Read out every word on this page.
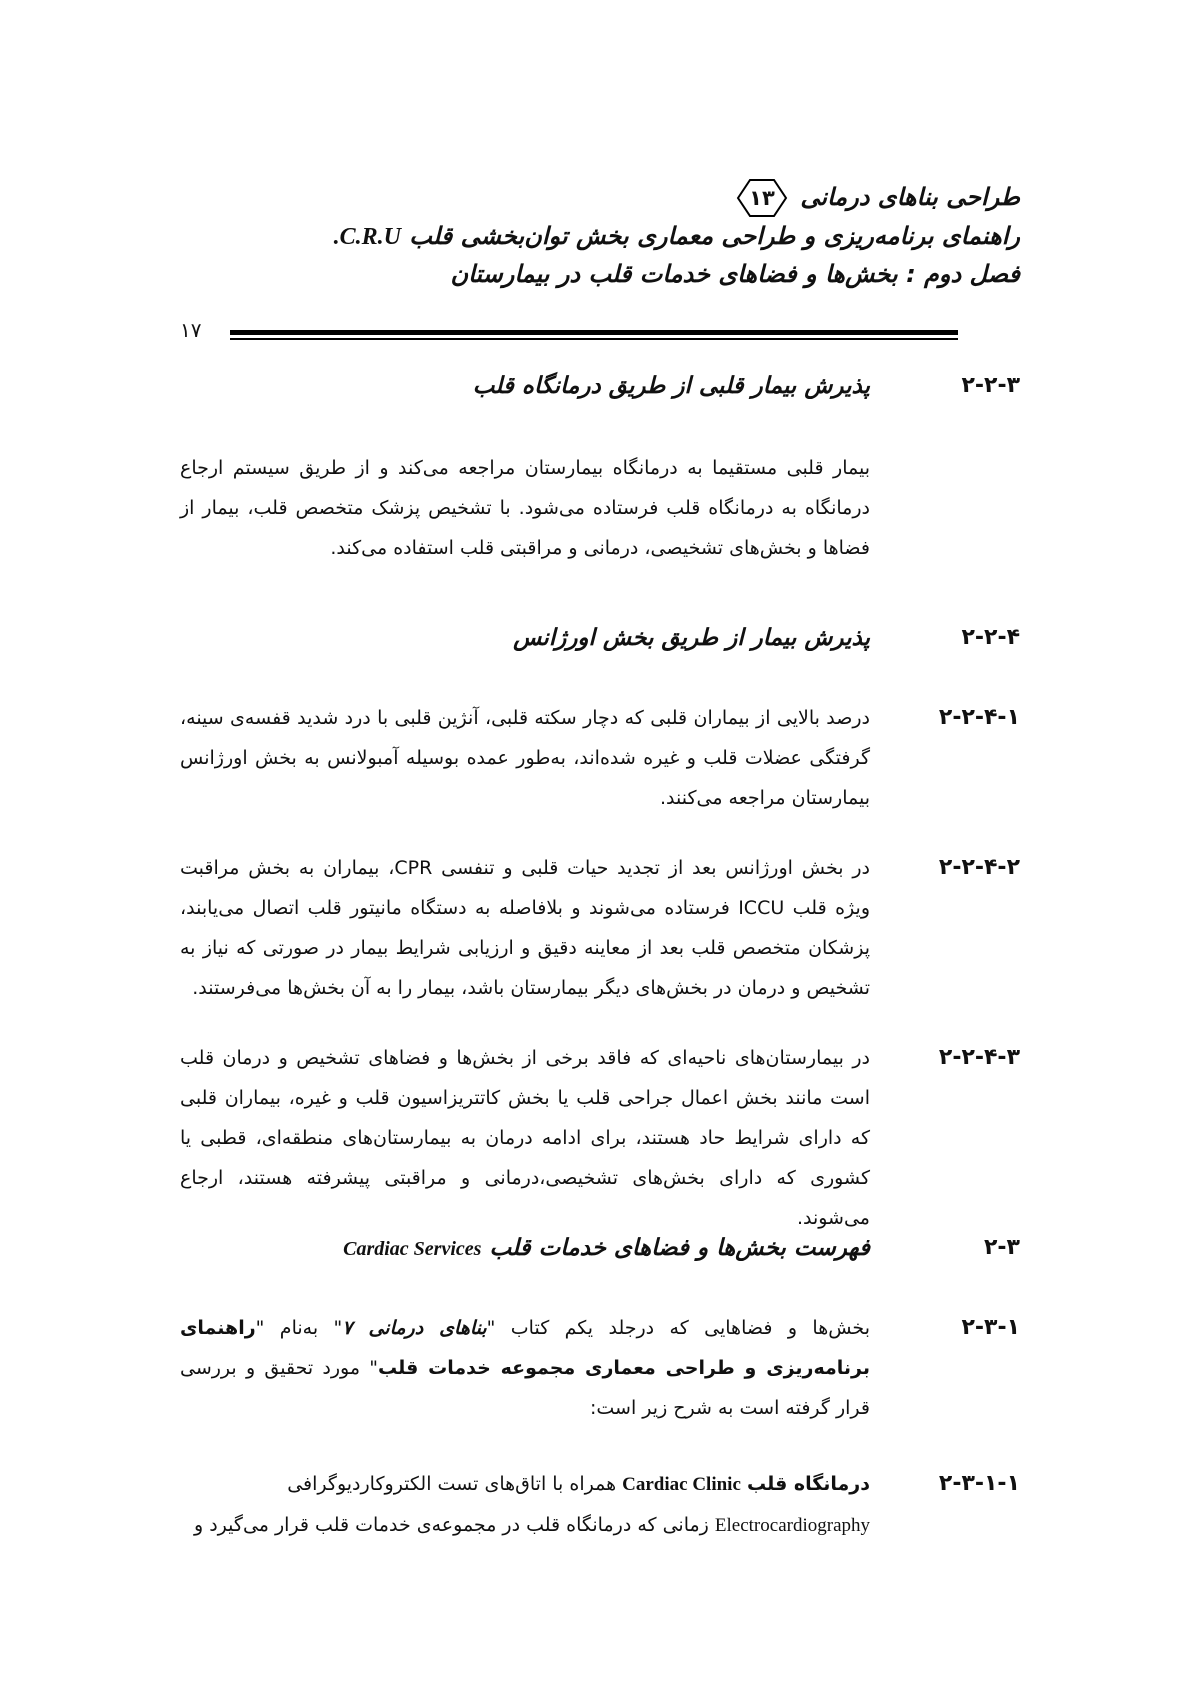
طراحی بناهای درمانی
۱۳
راهنمای برنامه‌ریزی و طراحی معماری بخش توان‌بخشی قلب C.R.U.
فصل دوم : بخش‌ها و فضاهای خدمات قلب در بیمارستان
۱۷
۲-۲-۳
پذیرش بیمار قلبی از طریق درمانگاه قلب
بیمار قلبی مستقیما به درمانگاه بیمارستان مراجعه می‌کند و از طریق سیستم ارجاع درمانگاه به درمانگاه قلب فرستاده می‌شود. با تشخیص پزشک متخصص قلب، بیمار از فضاها و بخش‌های تشخیصی، درمانی و مراقبتی قلب استفاده می‌کند.
۲-۲-۴
پذیرش بیمار از طریق بخش اورژانس
۲-۲-۴-۱
درصد بالایی از بیماران قلبی که دچار سکته قلبی، آنژین قلبی با درد شدید قفسه‌ی سینه، گرفتگی عضلات قلب و غیره شده‌اند، به‌طور عمده بوسیله آمبولانس به بخش اورژانس بیمارستان مراجعه می‌کنند.
۲-۲-۴-۲
در بخش اورژانس بعد از تجدید حیات قلبی و تنفسی CPR، بیماران به بخش مراقبت ویژه قلب ICCU فرستاده می‌شوند و بلافاصله به دستگاه مانیتور قلب اتصال می‌یابند، پزشکان متخصص قلب بعد از معاینه دقیق و ارزیابی شرایط بیمار در صورتی که نیاز به تشخیص و درمان در بخش‌های دیگر بیمارستان باشد، بیمار را به آن بخش‌ها می‌فرستند.
۲-۲-۴-۳
در بیمارستان‌های ناحیه‌ای که فاقد برخی از بخش‌ها و فضاهای تشخیص و درمان قلب است مانند بخش اعمال جراحی قلب یا بخش کاتتریزاسیون قلب و غیره، بیماران قلبی که دارای شرایط حاد هستند، برای ادامه درمان به بیمارستان‌های منطقه‌ای، قطبی یا کشوری که دارای بخش‌های تشخیصی،درمانی و مراقبتی پیشرفته هستند، ارجاع می‌شوند.
۲-۳
فهرست بخش‌ها و فضاهای خدمات قلب Cardiac Services
۲-۳-۱
بخش‌ها و فضاهایی که درجلد یکم کتاب "بناهای درمانی ۷" به‌نام "راهنمای برنامه‌ریزی و طراحی معماری مجموعه خدمات قلب" مورد تحقیق و بررسی قرار گرفته است به شرح زیر است:
۲-۳-۱-۱
درمانگاه قلب Cardiac Clinic همراه با اتاق‌های تست الکتروکاردیوگرافی
Electrocardiography زمانی که درمانگاه قلب در مجموعه‌ی خدمات قلب قرار می‌گیرد و
